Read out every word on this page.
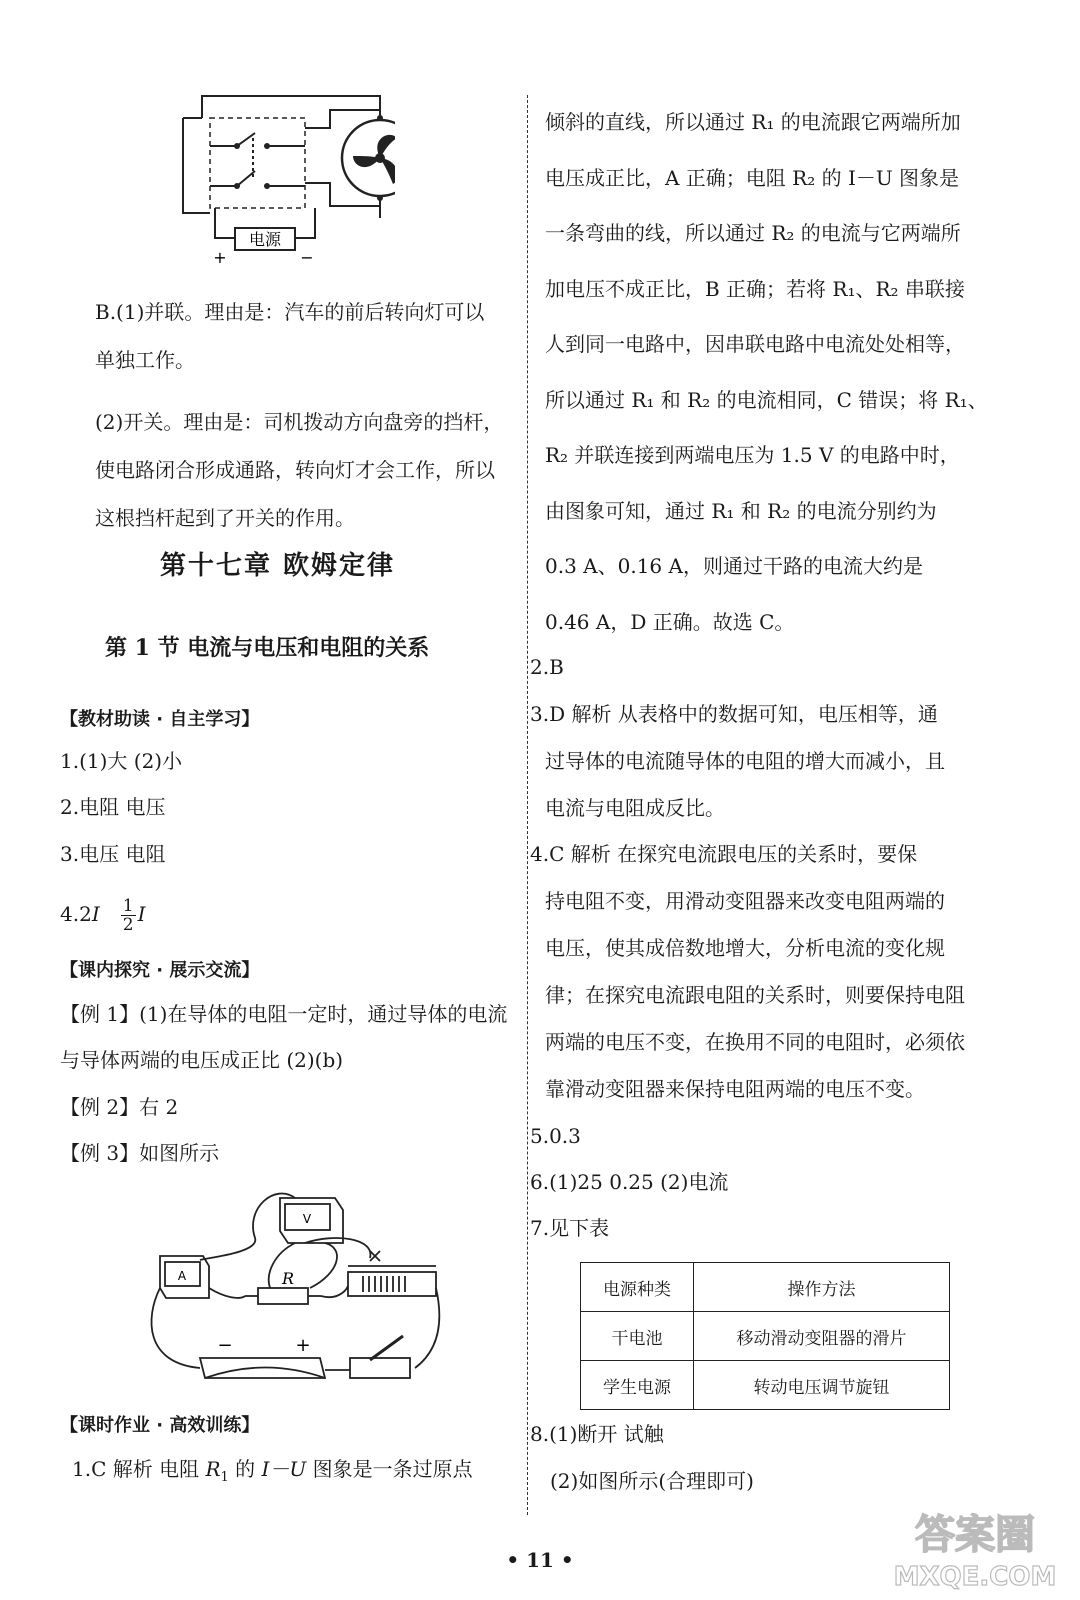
电源
+	−
B.(1)并联。理由是：汽车的前后转向灯可以
单独工作。
(2)开关。理由是：司机拨动方向盘旁的挡杆，
使电路闭合形成通路，转向灯才会工作，所以
这根挡杆起到了开关的作用。
第十七章 欧姆定律
第 1 节 电流与电压和电阻的关系
【教材助读 · 自主学习】
1.(1)大 (2)小
2.电阻 电压
3.电压 电阻
$4.2I \frac{1}{2}$ I
【课内探究 · 展示交流】
【例 1】(1)在导体的电阻一定时，通过导体的电流
与导体两端的电压成正比 (2)(b)
【例 2】右 2
【例 3】如图所示
V
A	R
−	+
【课时作业 · 高效训练】
1.C 解析 电阻 $R_1$ 的 I－U 图象是一条过原点
倾斜的直线，所以通过 R₁ 的电流跟它两端所加
电压成正比，A 正确；电阻 R₂ 的 I－U 图象是
一条弯曲的线，所以通过 R₂ 的电流与它两端所
加电压不成正比，B 正确；若将 R₁、R₂ 串联接
人到同一电路中，因串联电路中电流处处相等，
所以通过 R₁ 和 R₂ 的电流相同，C 错误；将 R₁、
R₂ 并联连接到两端电压为 1.5 V 的电路中时，
由图象可知，通过 R₁ 和 R₂ 的电流分别约为
0.3 A、0.16 A，则通过干路的电流大约是
0.46 A，D 正确。故选 C。
2.B
3.D 解析 从表格中的数据可知，电压相等，通
过导体的电流随导体的电阻的增大而减小，且
电流与电阻成反比。
4.C 解析 在探究电流跟电压的关系时，要保
持电阻不变，用滑动变阻器来改变电阻两端的
电压，使其成倍数地增大，分析电流的变化规
律；在探究电流跟电阻的关系时，则要保持电阻
两端的电压不变，在换用不同的电阻时，必须依
靠滑动变阻器来保持电阻两端的电压不变。
5.0.3
6.(1)25 0.25 (2)电流
7.见下表
电源种类	操作方法
干电池	移动滑动变阻器的滑片
学生电源	转动电压调节旋钮
8.(1)断开 试触
(2)如图所示(合理即可)
• 11 •
答案圈
MXQE.COM
